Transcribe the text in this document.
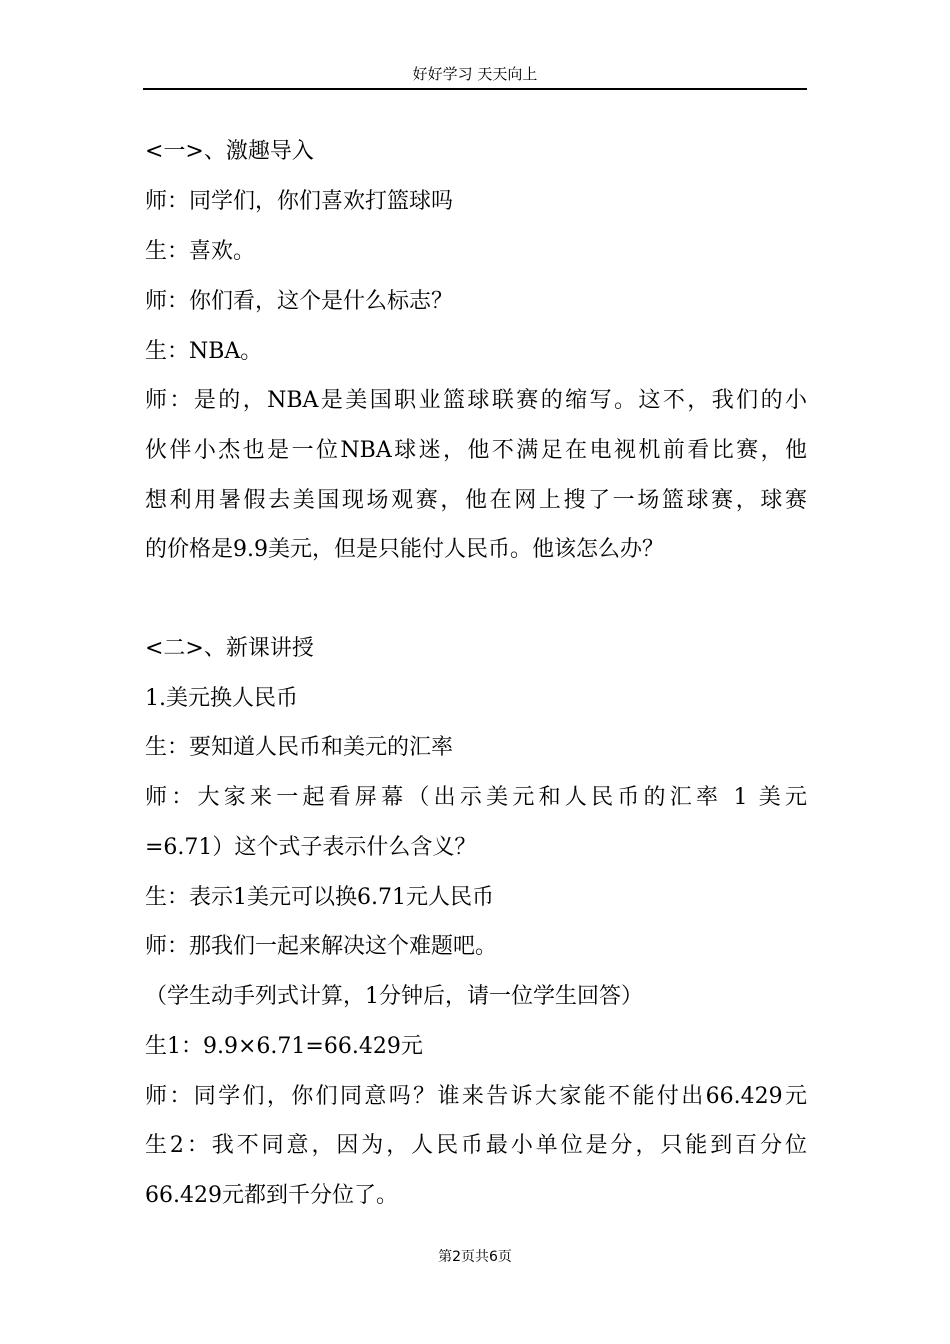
好好学习 天天向上
<一>、激趣导入
师：同学们，你们喜欢打篮球吗
生：喜欢。
师：你们看，这个是什么标志？
生：NBA。
师：是的，NBA是美国职业篮球联赛的缩写。这不，我们的小
伙伴小杰也是一位NBA球迷，他不满足在电视机前看比赛，他
想利用暑假去美国现场观赛，他在网上搜了一场篮球赛，球赛
的价格是9.9美元，但是只能付人民币。他该怎么办？
<二>、新课讲授
1.美元换人民币
生：要知道人民币和美元的汇率
师：大家来一起看屏幕（出示美元和人民币的汇率 1 美元
=6.71）这个式子表示什么含义？
生：表示1美元可以换6.71元人民币
师：那我们一起来解决这个难题吧。
（学生动手列式计算，1分钟后，请一位学生回答）
生1：9.9×6.71=66.429元
师：同学们，你们同意吗？谁来告诉大家能不能付出66.429元
生2：我不同意，因为，人民币最小单位是分，只能到百分位
66.429元都到千分位了。
第2页共6页
